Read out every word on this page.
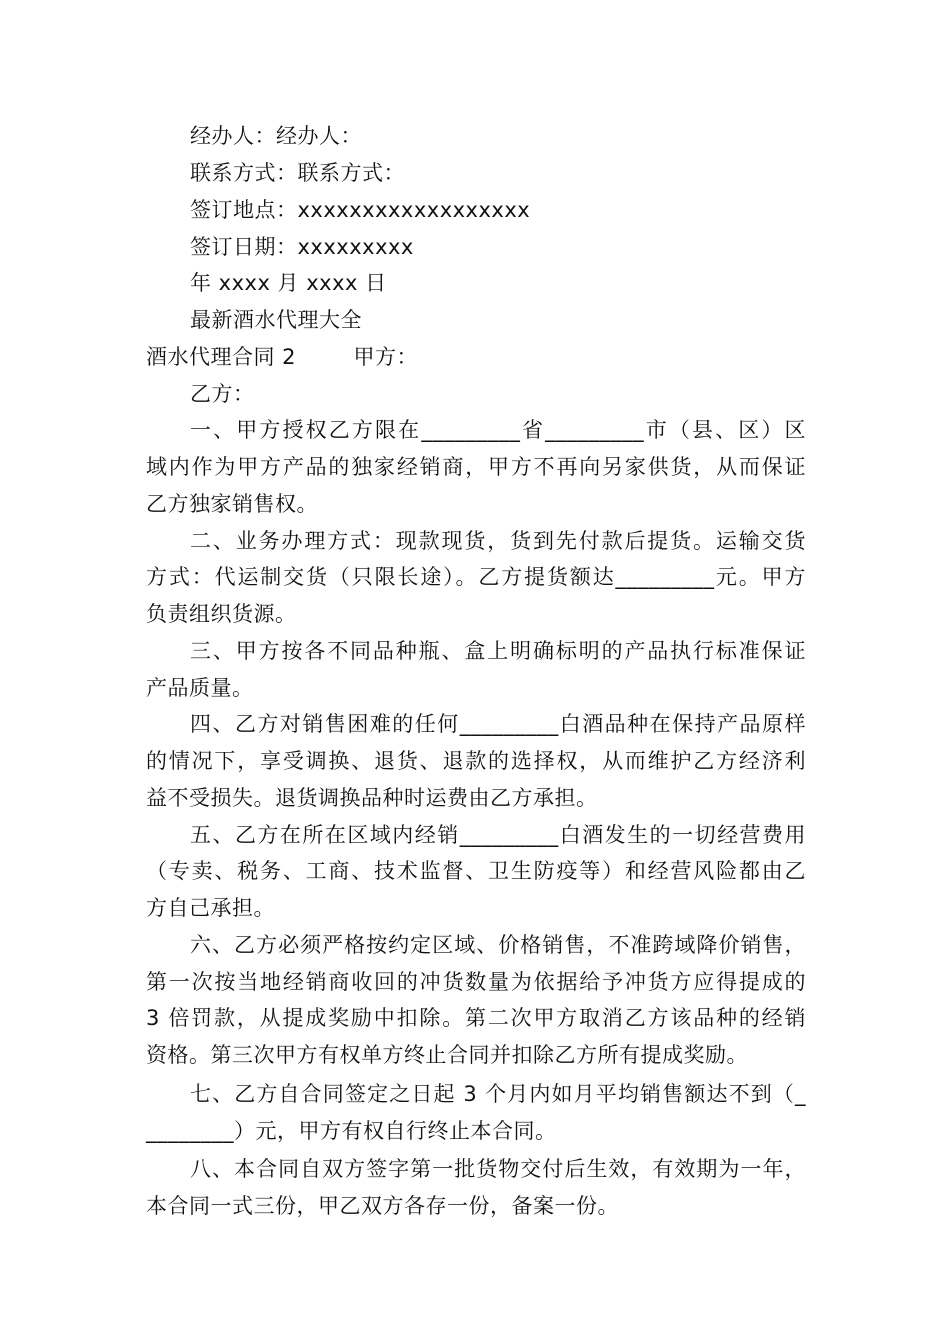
经办人：经办人：
联系方式：联系方式：
签订地点：xxxxxxxxxxxxxxxxxx
签订日期：xxxxxxxxx
年 xxxx 月 xxxx 日
最新酒水代理大全
酒水代理合同 2        甲方：
乙方：
一、甲方授权乙方限在_________省_________市（县、区）区
域内作为甲方产品的独家经销商，甲方不再向另家供货，从而保证
乙方独家销售权。
二、业务办理方式：现款现货，货到先付款后提货。运输交货
方式：代运制交货（只限长途）。乙方提货额达_________元。甲方
负责组织货源。
三、甲方按各不同品种瓶、盒上明确标明的产品执行标准保证
产品质量。
四、乙方对销售困难的任何_________白酒品种在保持产品原样
的情况下，享受调换、退货、退款的选择权，从而维护乙方经济利
益不受损失。退货调换品种时运费由乙方承担。
五、乙方在所在区域内经销_________白酒发生的一切经营费用
（专卖、税务、工商、技术监督、卫生防疫等）和经营风险都由乙
方自己承担。
六、乙方必须严格按约定区域、价格销售，不准跨域降价销售，
第一次按当地经销商收回的冲货数量为依据给予冲货方应得提成的
3 倍罚款，从提成奖励中扣除。第二次甲方取消乙方该品种的经销
资格。第三次甲方有权单方终止合同并扣除乙方所有提成奖励。
七、乙方自合同签定之日起 3 个月内如月平均销售额达不到（_
________）元，甲方有权自行终止本合同。
八、本合同自双方签字第一批货物交付后生效，有效期为一年，
本合同一式三份，甲乙双方各存一份，备案一份。
